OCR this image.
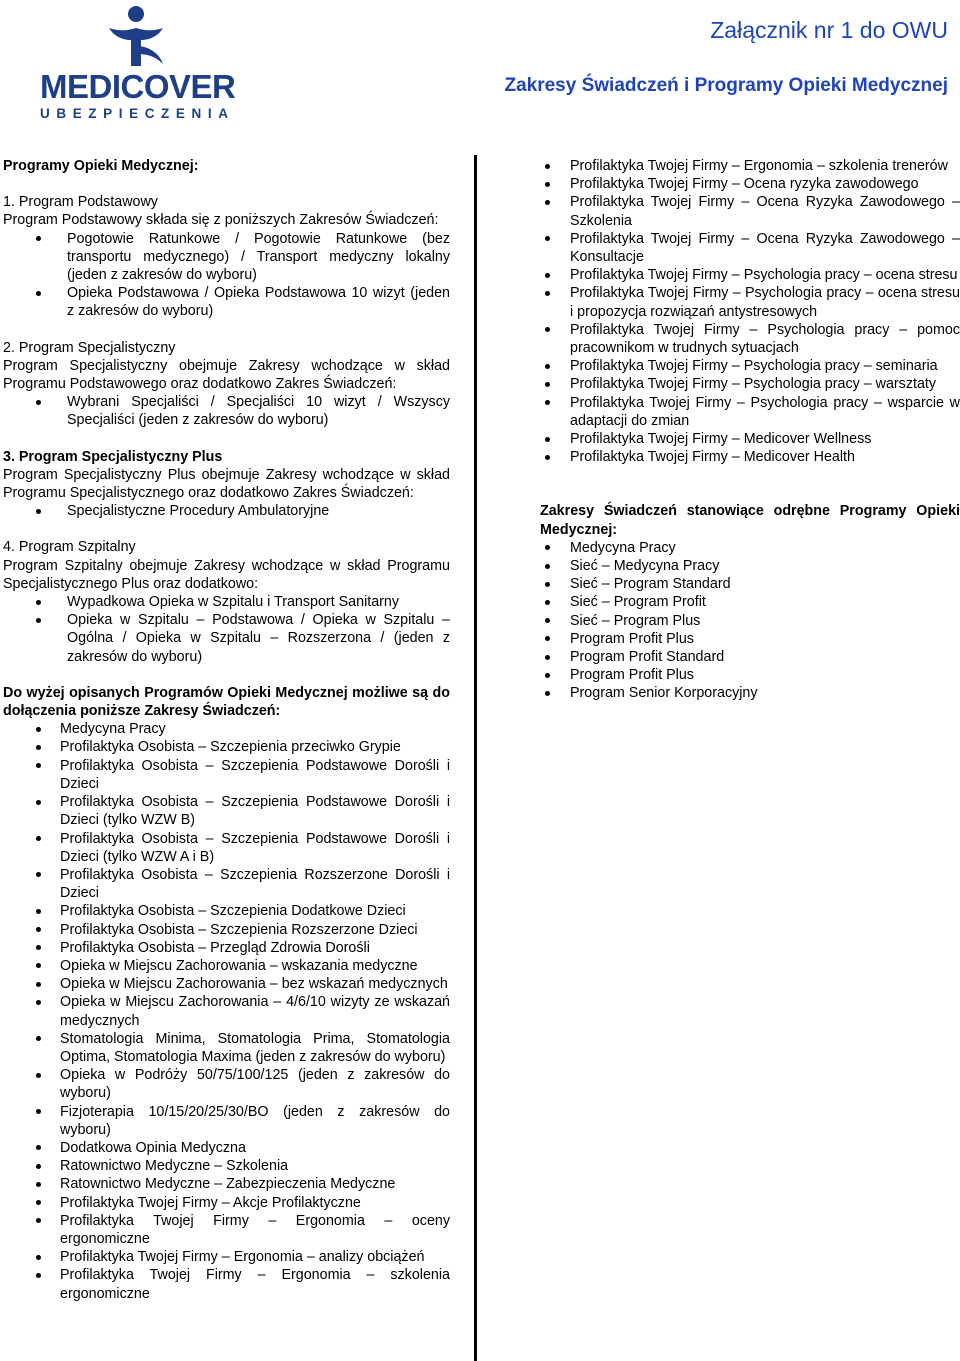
MEDICOVER
UBEZPIECZENIA
Załącznik nr 1 do OWU
Zakresy Świadczeń i Programy Opieki Medycznej

Programy Opieki Medycznej:

1. Program Podstawowy

Program Podstawowy składa się z poniższych Zakresów Świadczeń:

Pogotowie Ratunkowe / Pogotowie Ratunkowe (bez transportu medycznego) / Transport medyczny lokalny (jeden z zakresów do wyboru)
Opieka Podstawowa / Opieka Podstawowa 10 wizyt (jeden z zakresów do wyboru)

2. Program Specjalistyczny

Program Specjalistyczny obejmuje Zakresy wchodzące w skład Programu Podstawowego oraz dodatkowo Zakres Świadczeń:

Wybrani Specjaliści / Specjaliści 10 wizyt / Wszyscy Specjaliści (jeden z zakresów do wyboru)

3. Program Specjalistyczny Plus

Program Specjalistyczny Plus obejmuje Zakresy wchodzące w skład Programu Specjalistycznego oraz dodatkowo Zakres Świadczeń:

Specjalistyczne Procedury Ambulatoryjne

4. Program Szpitalny

Program Szpitalny obejmuje Zakresy wchodzące w skład Programu Specjalistycznego Plus oraz dodatkowo:

Wypadkowa Opieka w Szpitalu i Transport Sanitarny
Opieka w Szpitalu – Podstawowa / Opieka w Szpitalu – Ogólna / Opieka w Szpitalu – Rozszerzona / (jeden z zakresów do wyboru)

Do wyżej opisanych Programów Opieki Medycznej możliwe są do dołączenia poniższe Zakresy Świadczeń:

Medycyna Pracy
Profilaktyka Osobista – Szczepienia przeciwko Grypie
Profilaktyka Osobista – Szczepienia Podstawowe Dorośli i Dzieci
Profilaktyka Osobista – Szczepienia Podstawowe Dorośli i Dzieci (tylko WZW B)
Profilaktyka Osobista – Szczepienia Podstawowe Dorośli i Dzieci (tylko WZW A i B)
Profilaktyka Osobista – Szczepienia Rozszerzone Dorośli i Dzieci
Profilaktyka Osobista – Szczepienia Dodatkowe Dzieci
Profilaktyka Osobista – Szczepienia Rozszerzone Dzieci
Profilaktyka Osobista – Przegląd Zdrowia Dorośli
Opieka w Miejscu Zachorowania – wskazania medyczne
Opieka w Miejscu Zachorowania – bez wskazań medycznych
Opieka w Miejscu Zachorowania – 4/6/10 wizyty ze wskazań medycznych
Stomatologia Minima, Stomatologia Prima, Stomatologia Optima, Stomatologia Maxima (jeden z zakresów do wyboru)
Opieka w Podróży 50/75/100/125 (jeden z zakresów do wyboru)
Fizjoterapia 10/15/20/25/30/BO (jeden z zakresów do wyboru)
Dodatkowa Opinia Medyczna
Ratownictwo Medyczne – Szkolenia
Ratownictwo Medyczne – Zabezpieczenia Medyczne
Profilaktyka Twojej Firmy – Akcje Profilaktyczne
Profilaktyka Twojej Firmy – Ergonomia – oceny ergonomiczne
Profilaktyka Twojej Firmy – Ergonomia – analizy obciążeń
Profilaktyka Twojej Firmy – Ergonomia – szkolenia ergonomiczne
Profilaktyka Twojej Firmy – Ergonomia – szkolenia trenerów
Profilaktyka Twojej Firmy – Ocena ryzyka zawodowego
Profilaktyka Twojej Firmy – Ocena Ryzyka Zawodowego – Szkolenia
Profilaktyka Twojej Firmy – Ocena Ryzyka Zawodowego – Konsultacje
Profilaktyka Twojej Firmy – Psychologia pracy – ocena stresu
Profilaktyka Twojej Firmy – Psychologia pracy – ocena stresu i propozycja rozwiązań antystresowych
Profilaktyka Twojej Firmy – Psychologia pracy – pomoc pracownikom w trudnych sytuacjach
Profilaktyka Twojej Firmy – Psychologia pracy – seminaria
Profilaktyka Twojej Firmy – Psychologia pracy – warsztaty
Profilaktyka Twojej Firmy – Psychologia pracy – wsparcie w adaptacji do zmian
Profilaktyka Twojej Firmy – Medicover Wellness
Profilaktyka Twojej Firmy – Medicover Health

Zakresy Świadczeń stanowiące odrębne Programy Opieki Medycznej:

Medycyna Pracy
Sieć – Medycyna Pracy
Sieć – Program Standard
Sieć – Program Profit
Sieć – Program Plus
Program Profit Plus
Program Profit Standard
Program Profit Plus
Program Senior Korporacyjny
